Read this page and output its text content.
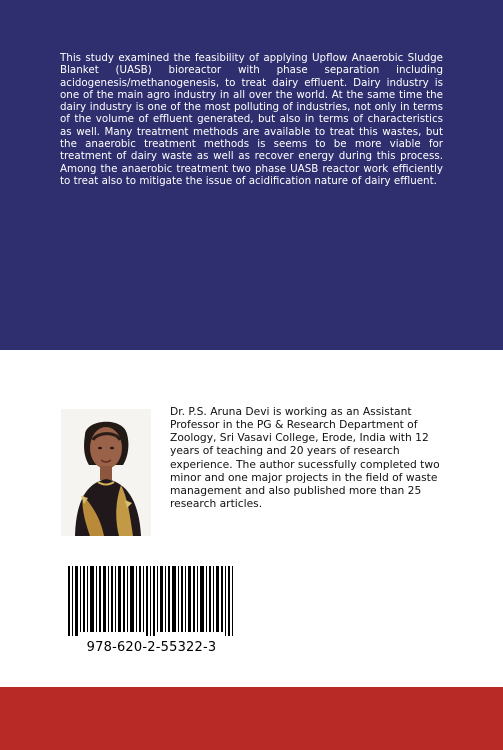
This study examined the feasibility of applying Upflow Anaerobic Sludge Blanket (UASB) bioreactor with phase separation including acidogenesis/methanogenesis, to treat dairy effluent. Dairy industry is one of the main agro industry in all over the world. At the same time the dairy industry is one of the most polluting of industries, not only in terms of the volume of effluent generated, but also in terms of characteristics as well. Many treatment methods are available to treat this wastes, but the anaerobic treatment methods is seems to be more viable for treatment of dairy waste as well as recover energy during this process. Among the anaerobic treatment two phase UASB reactor work efficiently to treat also to mitigate the issue of acidification nature of dairy effluent.

Dr. P.S. Aruna Devi is working as an Assistant Professor in the PG & Research Department of Zoology, Sri Vasavi College, Erode, India with 12 years of teaching and 20 years of research experience. The author sucessfully completed two minor and one major projects in the field of waste management and also published more than 25 research articles.

978-620-2-55322-3
